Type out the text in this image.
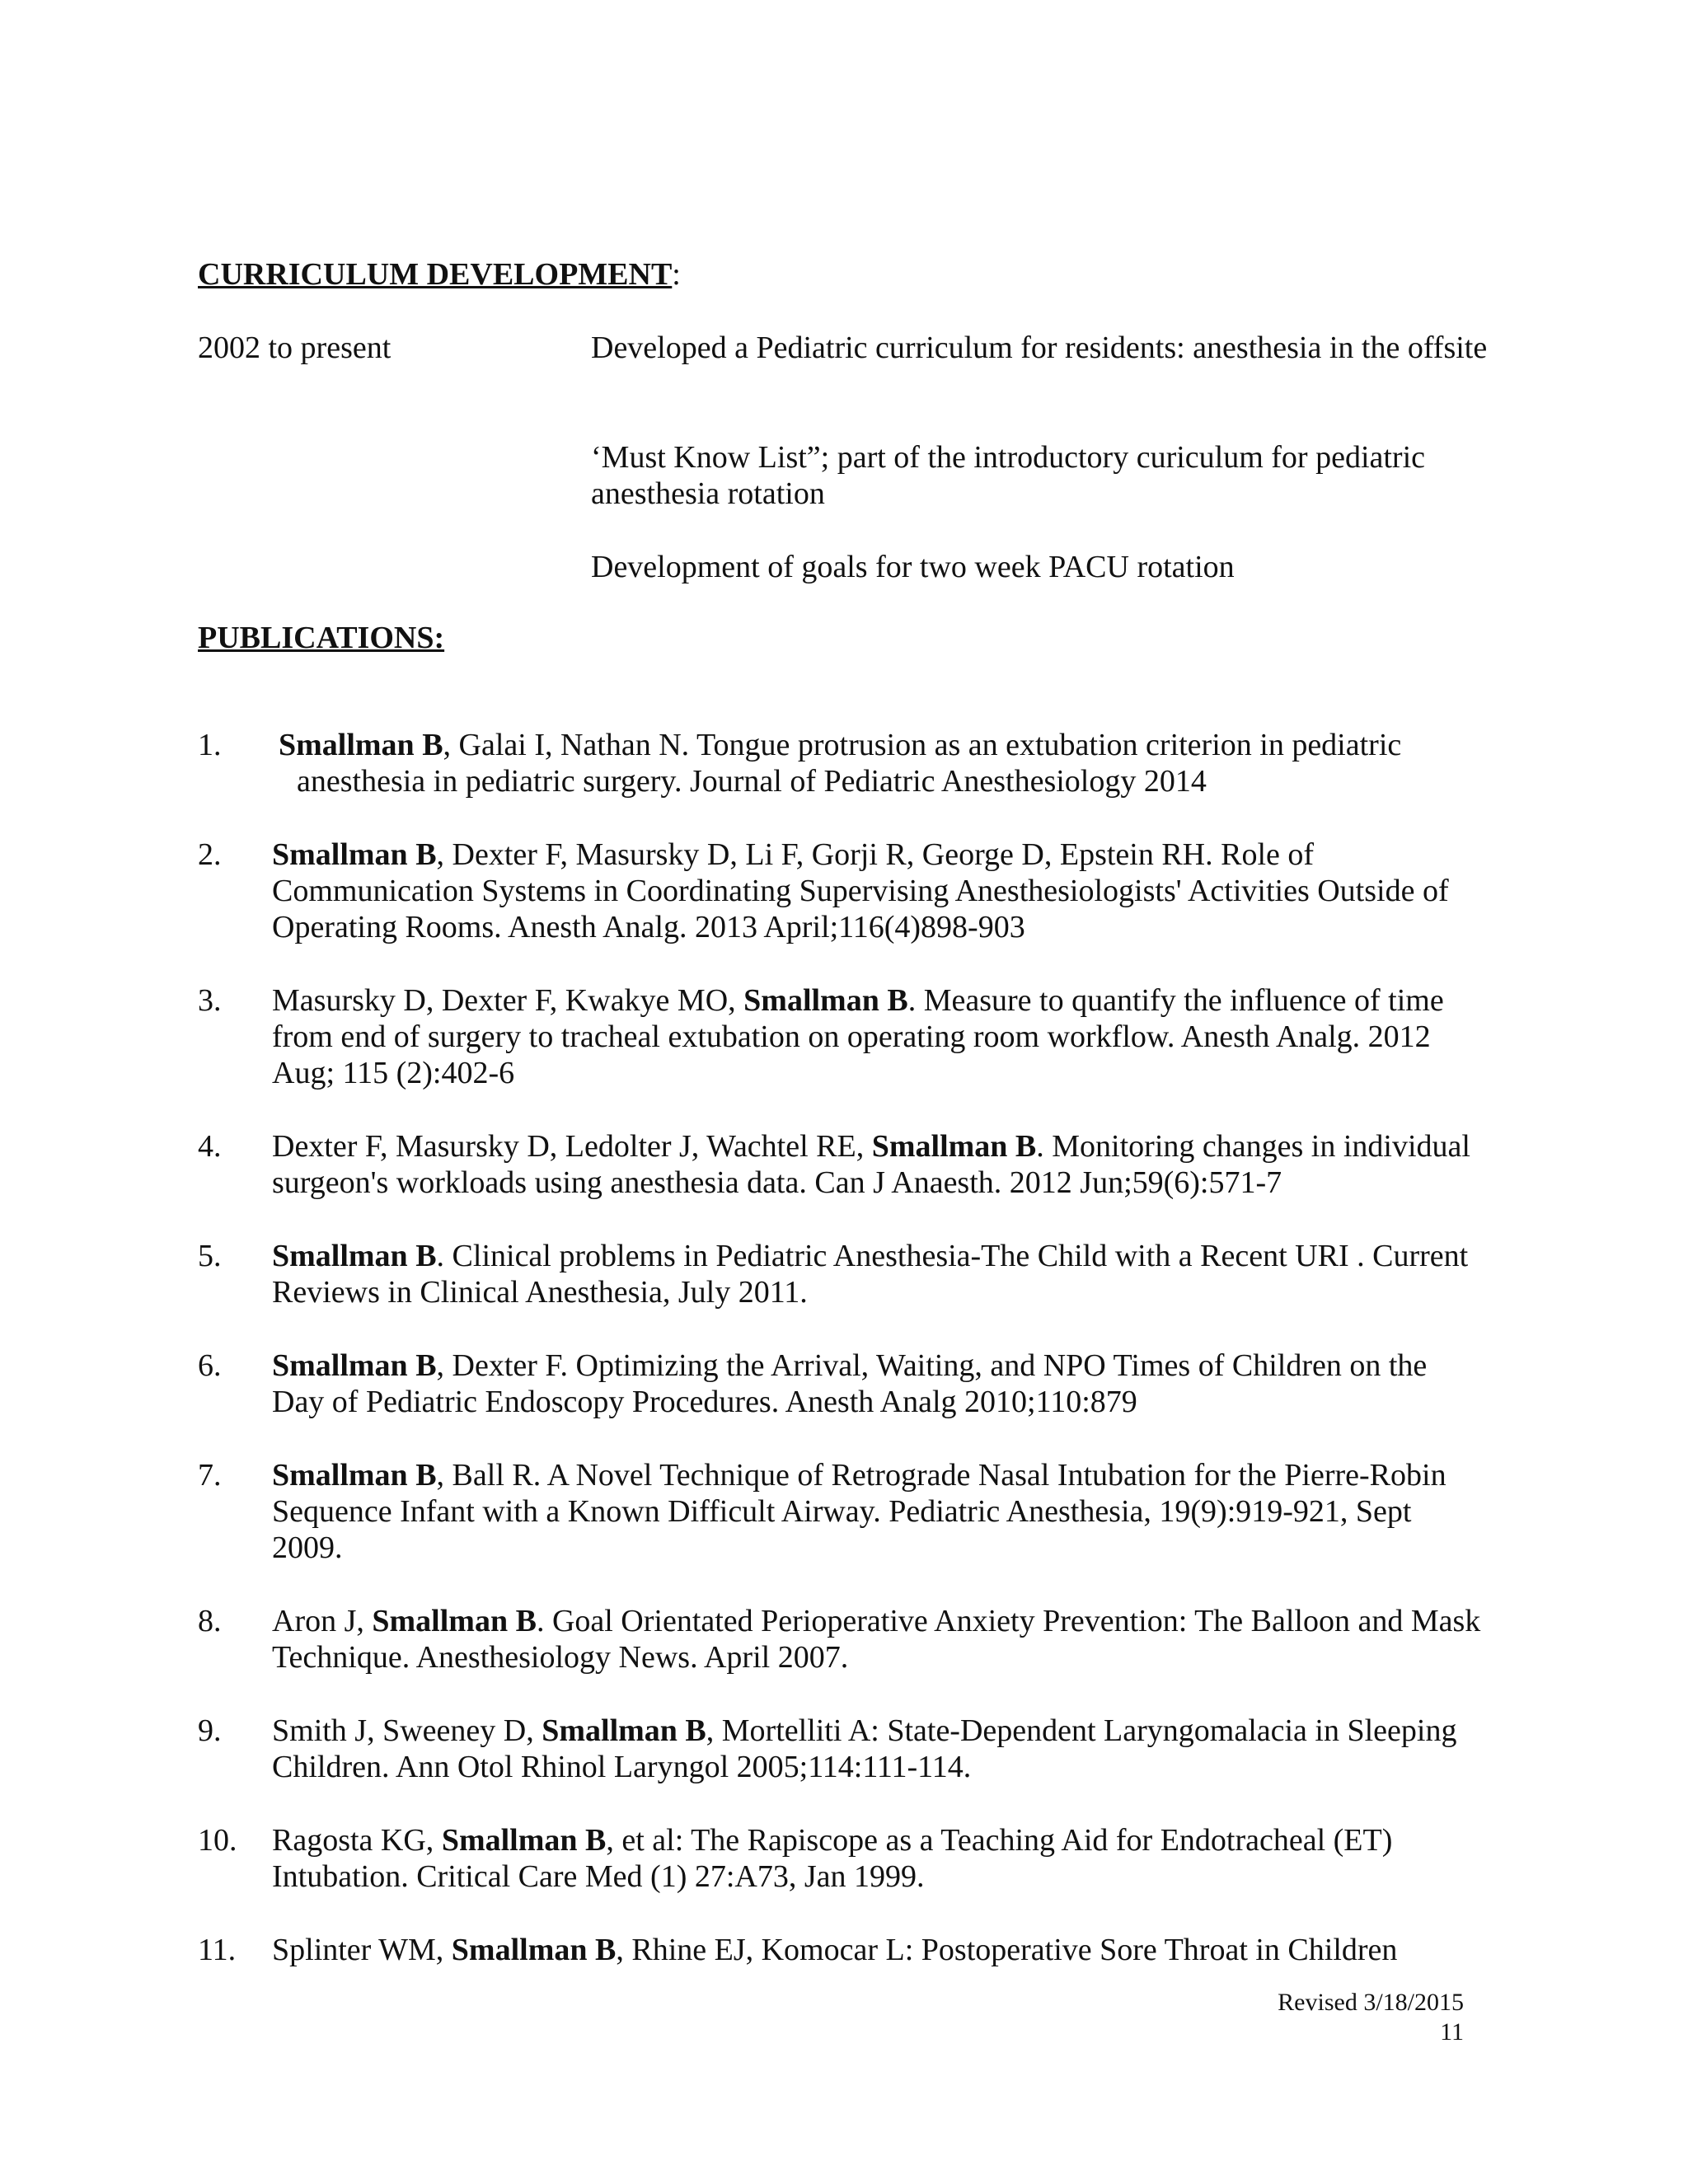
CURRICULUM DEVELOPMENT:
2002 to present	Developed a Pediatric curriculum for residents: anesthesia in the offsite
‘Must Know List”; part of the introductory curiculum for pediatric anesthesia rotation
Development of goals for two week PACU rotation
PUBLICATIONS:
1.	Smallman B, Galai I, Nathan N. Tongue protrusion as an extubation criterion in pediatric
anesthesia in pediatric surgery. Journal of Pediatric Anesthesiology 2014
2.	Smallman B, Dexter F, Masursky D, Li F, Gorji R, George D, Epstein RH. Role of Communication Systems in Coordinating Supervising Anesthesiologists' Activities Outside of Operating Rooms. Anesth Analg. 2013 April;116(4)898-903
3.	Masursky D, Dexter F, Kwakye MO, Smallman B. Measure to quantify the influence of time from end of surgery to tracheal extubation on operating room workflow. Anesth Analg. 2012 Aug; 115 (2):402-6
4.	Dexter F, Masursky D, Ledolter J, Wachtel RE, Smallman B. Monitoring changes in individual surgeon's workloads using anesthesia data. Can J Anaesth. 2012 Jun;59(6):571-7
5.	Smallman B. Clinical problems in Pediatric Anesthesia-The Child with a Recent URI . Current Reviews in Clinical Anesthesia, July 2011.
6.	Smallman B, Dexter F. Optimizing the Arrival, Waiting, and NPO Times of Children on the Day of Pediatric Endoscopy Procedures. Anesth Analg 2010;110:879
7.	Smallman B, Ball R. A Novel Technique of Retrograde Nasal Intubation for the Pierre-Robin Sequence Infant with a Known Difficult Airway. Pediatric Anesthesia, 19(9):919-921, Sept 2009.
8.	Aron J, Smallman B. Goal Orientated Perioperative Anxiety Prevention: The Balloon and Mask Technique. Anesthesiology News. April 2007.
9.	Smith J, Sweeney D, Smallman B, Mortelliti A: State-Dependent Laryngomalacia in Sleeping Children. Ann Otol Rhinol Laryngol 2005;114:111-114.
10.	Ragosta KG, Smallman B, et al: The Rapiscope as a Teaching Aid for Endotracheal (ET) Intubation. Critical Care Med (1) 27:A73, Jan 1999.
11.	Splinter WM, Smallman B, Rhine EJ, Komocar L: Postoperative Sore Throat in Children
Revised 3/18/2015
11
